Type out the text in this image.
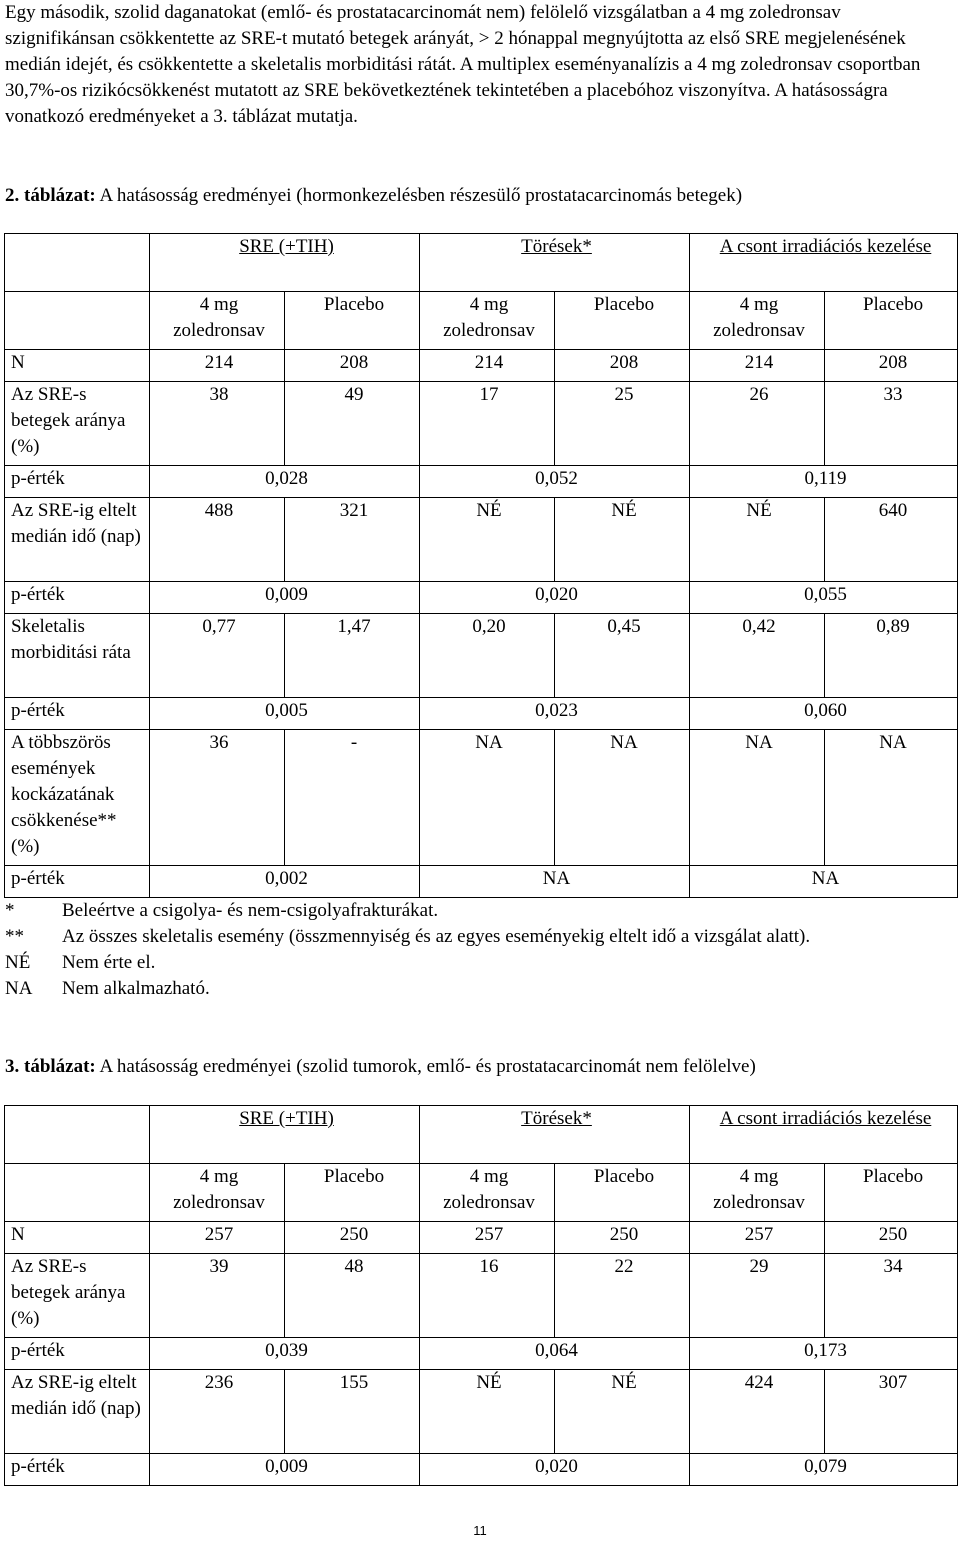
Egy második, szolid daganatokat (emlő- és prostatacarcinomát nem) felölelő vizsgálatban a 4 mg zoledronsav szignifikánsan csökkentette az SRE-t mutató betegek arányát, > 2 hónappal megnyújtotta az első SRE megjelenésének medián idejét, és csökkentette a skeletalis morbiditási rátát. A multiplex eseményanalízis a 4 mg zoledronsav csoportban 30,7%-os rizikócsökkenést mutatott az SRE bekövetkeztének tekintetében a placebóhoz viszonyítva. A hatásosságra vonatkozó eredményeket a 3. táblázat mutatja.

2. táblázat: A hatásosság eredményei (hormonkezelésben részesülő prostatacarcinomás betegek)

	SRE (+TIH)		Törések*		A csont irradiációs kezelése	
	4 mg zoledronsav	Placebo	4 mg zoledronsav	Placebo	4 mg zoledronsav	Placebo
N	214	208	214	208	214	208
Az SRE-s betegek aránya (%)	38	49	17	25	26	33
p-érték	0,028		0,052		0,119	
Az SRE-ig eltelt medián idő (nap)	488	321	NÉ	NÉ	NÉ	640
p-érték	0,009		0,020		0,055	
Skeletalis morbiditási ráta	0,77	1,47	0,20	0,45	0,42	0,89
p-érték	0,005		0,023		0,060	
A többszörös események kockázatának csökkenése** (%)	36	-	NA	NA	NA	NA
p-érték	0,002		NA		NA	
*	Beleértve a csigolya- és nem-csigolyafrakturákat.
**	Az összes skeletalis esemény (összmennyiség és az egyes eseményekig eltelt idő a vizsgálat alatt).
NÉ	Nem érte el.
NA	Nem alkalmazható.

3. táblázat: A hatásosság eredményei (szolid tumorok, emlő- és prostatacarcinomát nem felölelve)

	SRE (+TIH)		Törések*		A csont irradiációs kezelése	
	4 mg zoledronsav	Placebo	4 mg zoledronsav	Placebo	4 mg zoledronsav	Placebo
N	257	250	257	250	257	250
Az SRE-s betegek aránya (%)	39	48	16	22	29	34
p-érték	0,039		0,064		0,173	
Az SRE-ig eltelt medián idő (nap)	236	155	NÉ	NÉ	424	307
p-érték	0,009		0,020		0,079	
11
